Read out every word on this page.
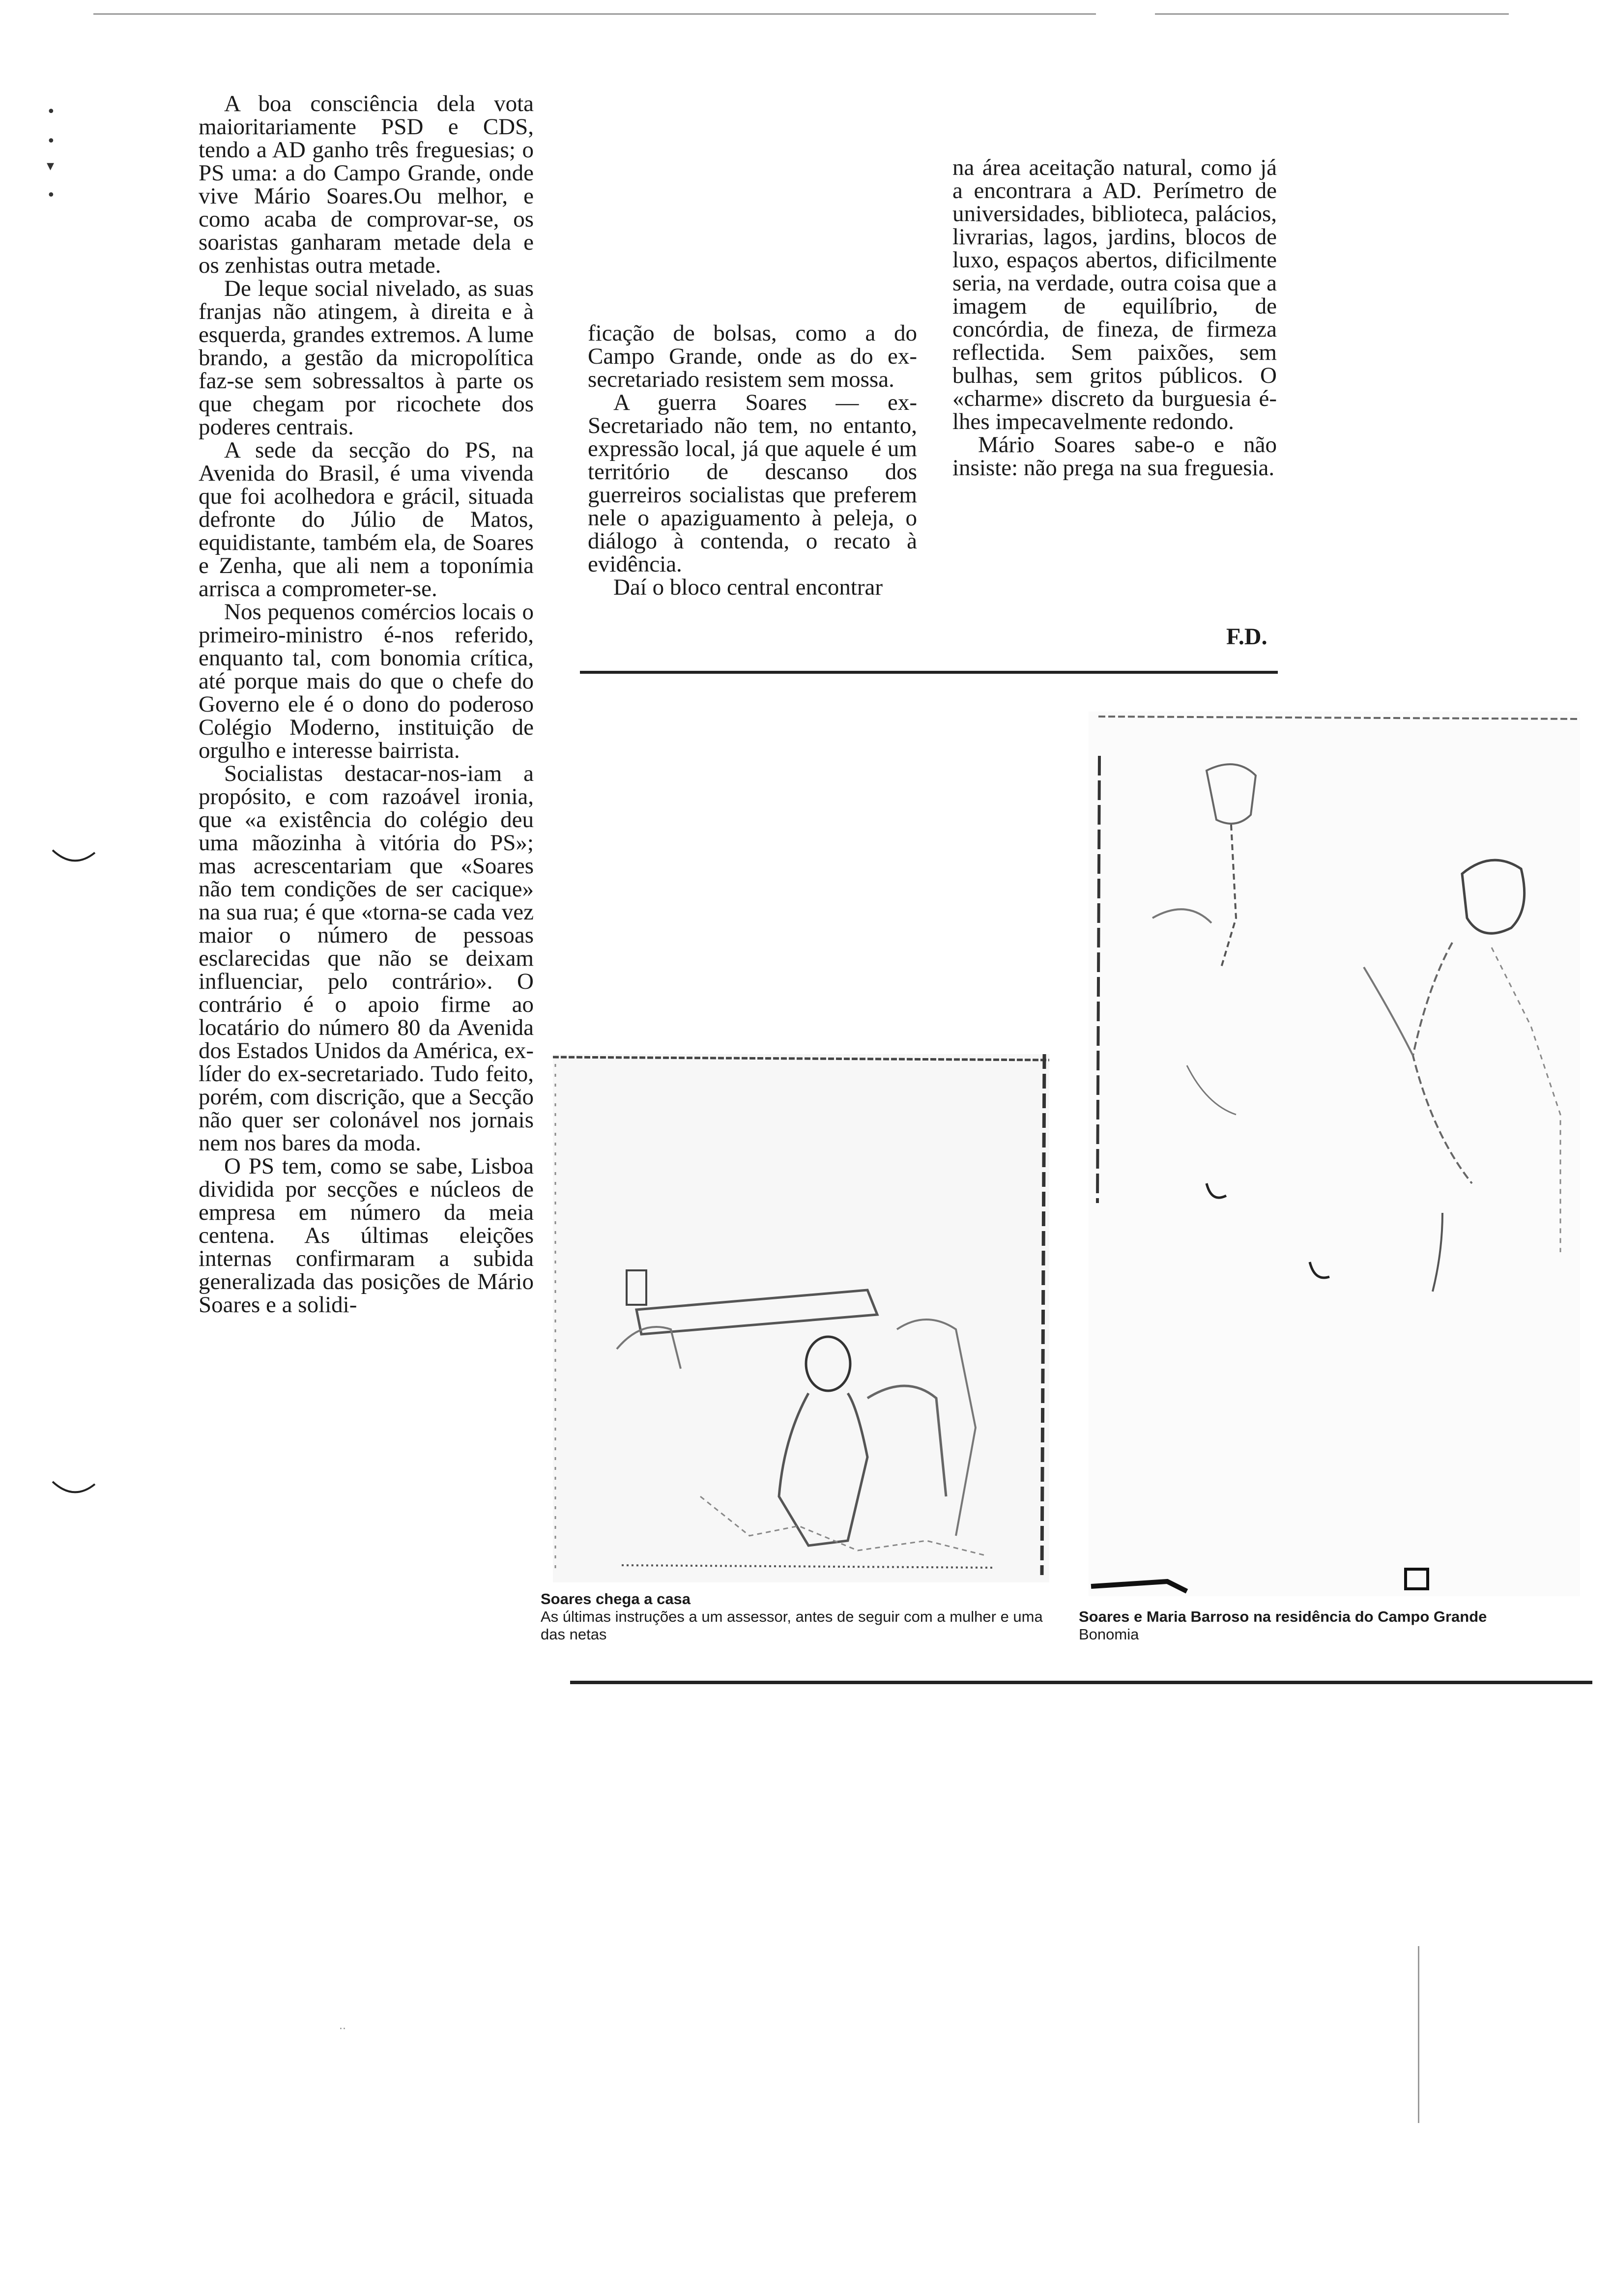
•
•
▾
•

A boa consciência dela vota maioritariamente PSD e CDS, tendo a AD ganho três freguesias; o PS uma: a do Campo Grande, onde vive Mário Soares.Ou melhor, e como acaba de comprovar-se, os soaristas ganharam metade dela e os zenhistas outra metade.

De leque social nivelado, as suas franjas não atingem, à direita e à esquerda, grandes extremos. A lume brando, a gestão da micropolítica faz-se sem sobressaltos à parte os que chegam por ricochete dos poderes centrais.

A sede da secção do PS, na Avenida do Brasil, é uma vivenda que foi acolhedora e grácil, situada defronte do Júlio de Matos, equidistante, também ela, de Soares e Zenha, que ali nem a toponímia arrisca a comprometer-se.

Nos pequenos comércios locais o primeiro-ministro é-nos referido, enquanto tal, com bonomia crítica, até porque mais do que o chefe do Governo ele é o dono do poderoso Colégio Moderno, instituição de orgulho e interesse bairrista.

Socialistas destacar-nos-iam a propósito, e com razoável ironia, que «a existência do colégio deu uma mãozinha à vitória do PS»; mas acrescentariam que «Soares não tem condições de ser cacique» na sua rua; é que «torna-se cada vez maior o número de pessoas esclarecidas que não se deixam influenciar, pelo contrário». O contrário é o apoio firme ao locatário do número 80 da Avenida dos Estados Unidos da América, ex-líder do ex-secretariado. Tudo feito, porém, com discrição, que a Secção não quer ser colonável nos jornais nem nos bares da moda.

O PS tem, como se sabe, Lisboa dividida por secções e núcleos de empresa em número da meia centena. As últimas eleições internas confirmaram a subida generalizada das posições de Mário Soares e a solidi-

ficação de bolsas, como a do Campo Grande, onde as do ex-secretariado resistem sem mossa.

A guerra Soares — ex-Secretariado não tem, no entanto, expressão local, já que aquele é um território de descanso dos guerreiros socialistas que preferem nele o apaziguamento à peleja, o diálogo à contenda, o recato à evidência.

Daí o bloco central encontrar

na área aceitação natural, como já a encontrara a AD. Perímetro de universidades, biblioteca, palácios, livrarias, lagos, jardins, blocos de luxo, espaços abertos, dificilmente seria, na verdade, outra coisa que a imagem de equilíbrio, de concórdia, de fineza, de firmeza reflectida. Sem paixões, sem bulhas, sem gritos públicos. O «charme» discreto da burguesia é-lhes impecavelmente redondo.

Mário Soares sabe-o e não insiste: não prega na sua freguesia.

F.D.

Soares chega a casa
As últimas instruções a um assessor, antes de seguir com a mulher e uma das netas

Soares e Maria Barroso na residência do Campo Grande
Bonomia

..
